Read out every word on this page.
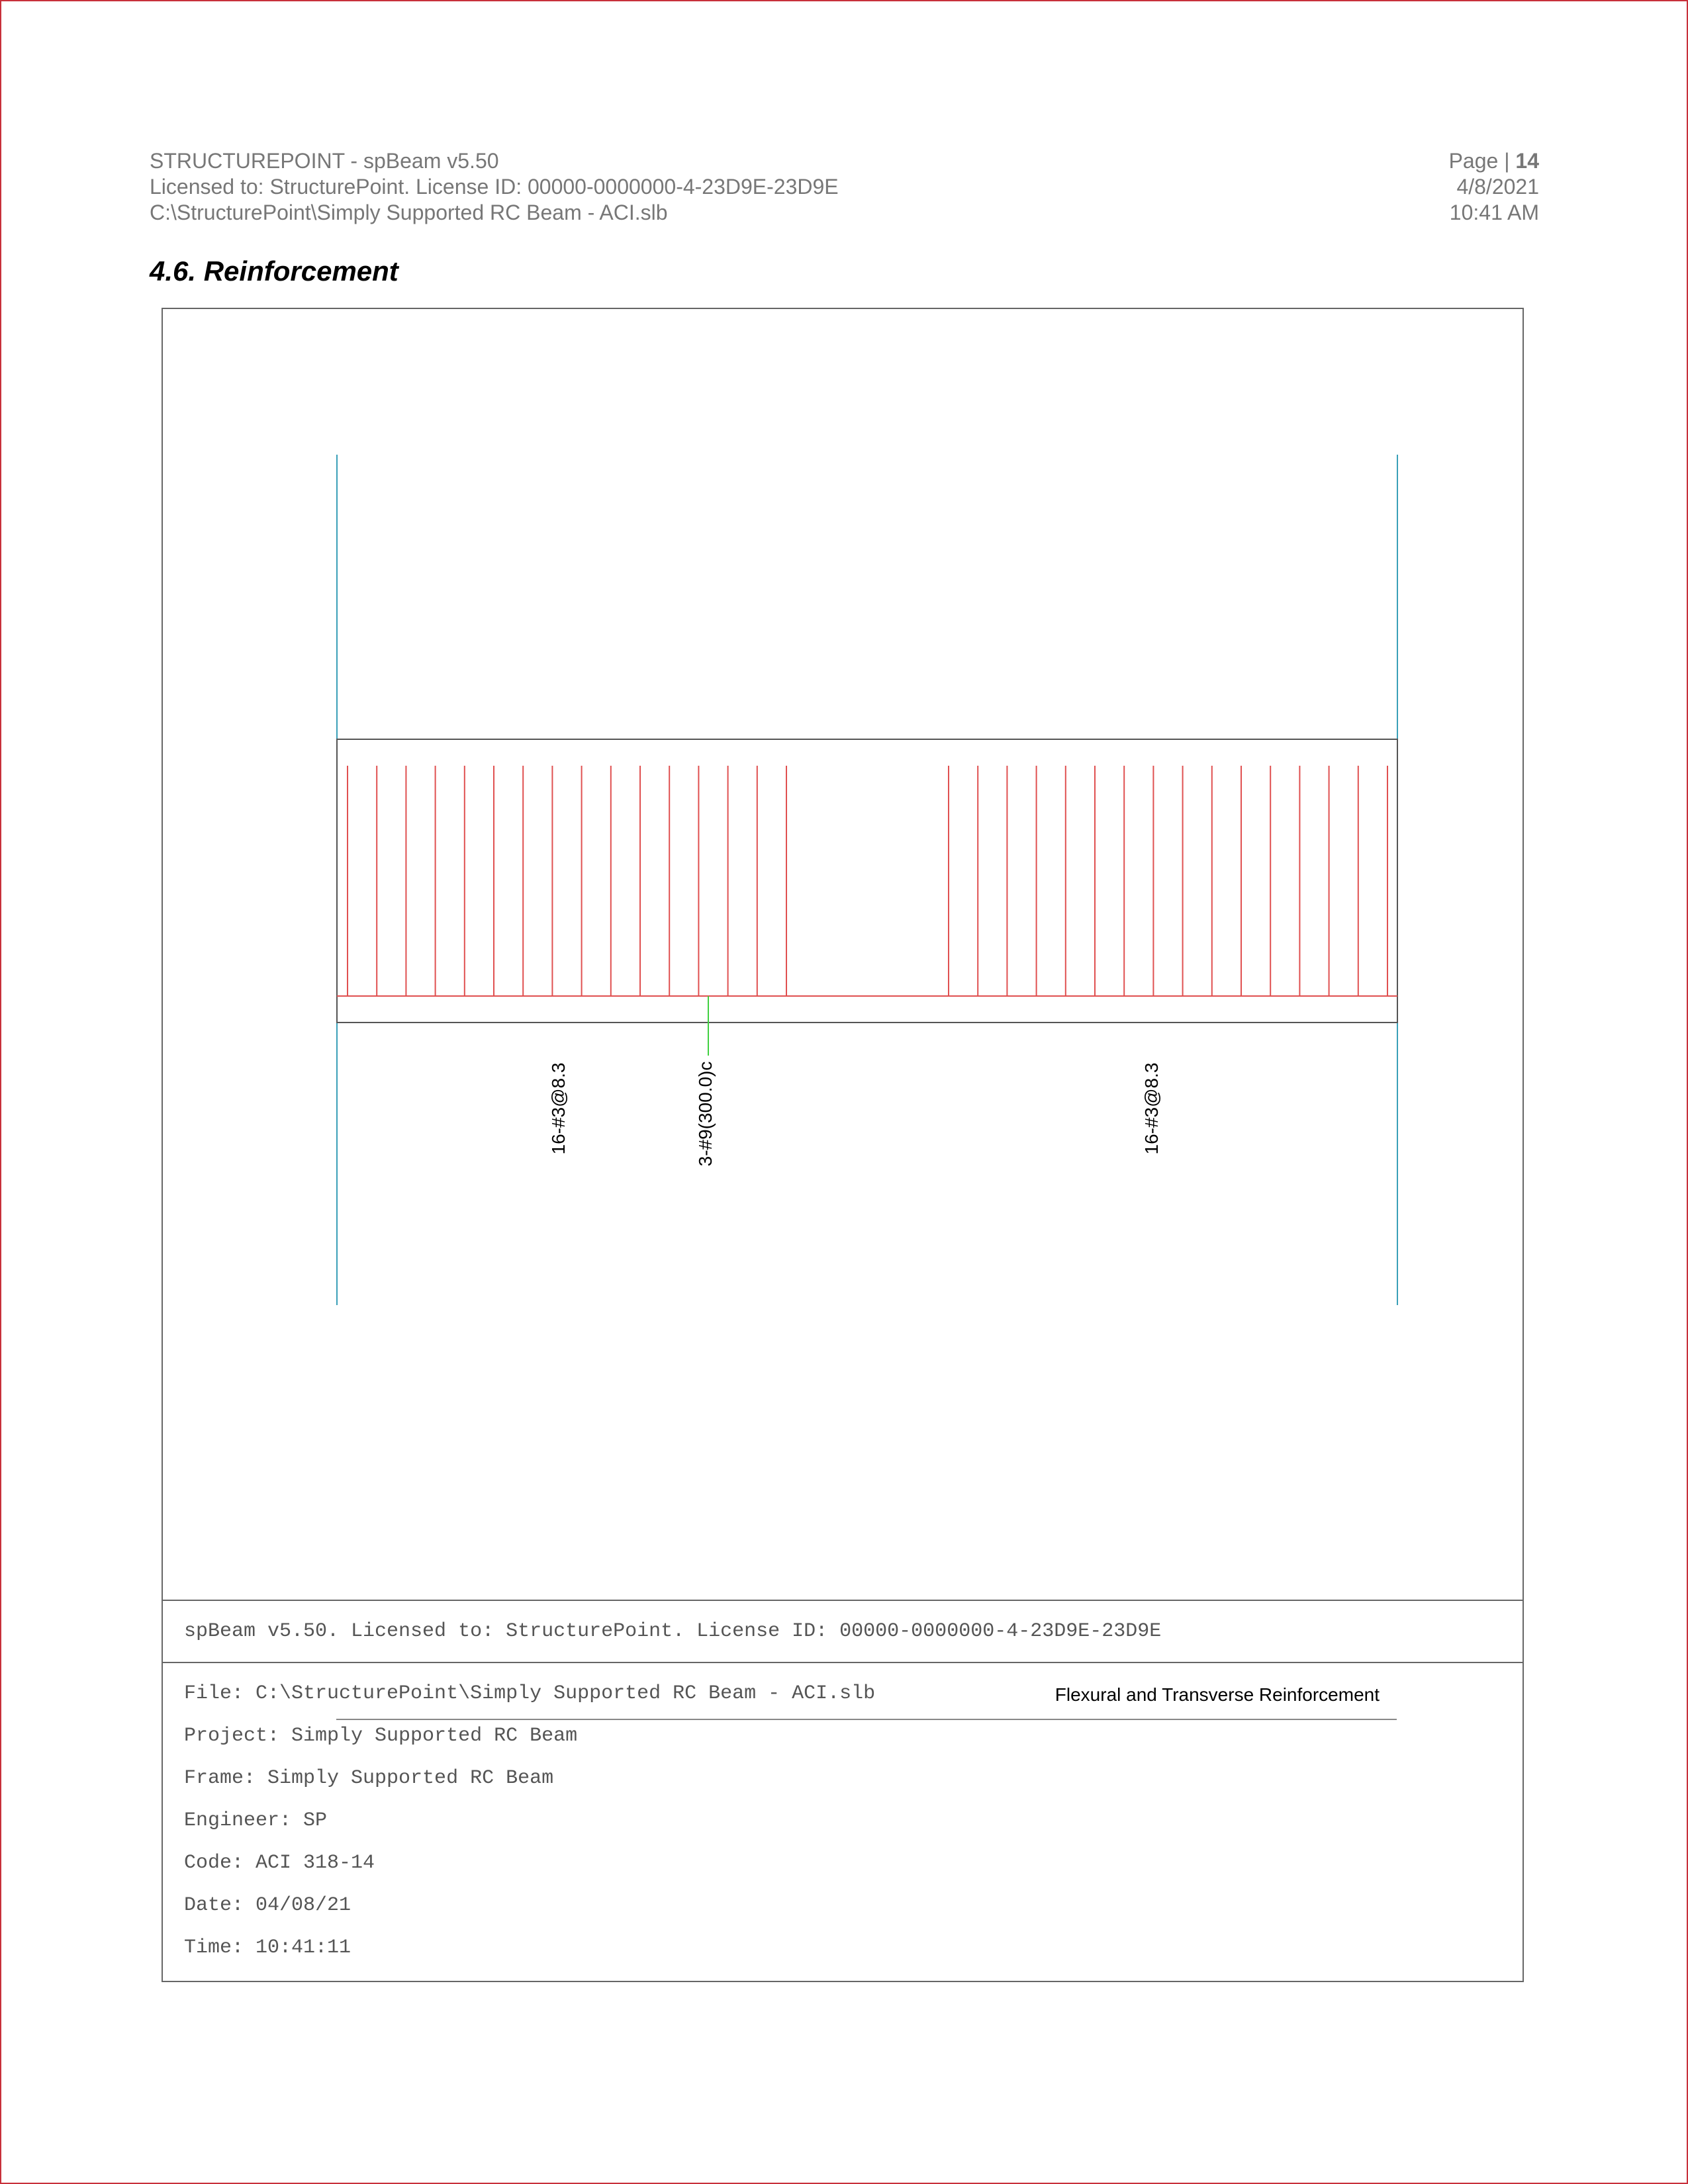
STRUCTUREPOINT - spBeam v5.50
Licensed to: StructurePoint. License ID: 00000-0000000-4-23D9E-23D9E
C:\StructurePoint\Simply Supported RC Beam - ACI.slb
Page | 14
4/8/2021
10:41 AM
4.6. Reinforcement
16-#3@8.3	3-#9(300.0)c	16-#3@8.3
Flexural and Transverse Reinforcement
spBeam v5.50. Licensed to: StructurePoint. License ID: 00000-0000000-4-23D9E-23D9E
File: C:\StructurePoint\Simply Supported RC Beam - ACI.slb
Project: Simply Supported RC Beam
Frame: Simply Supported RC Beam
Engineer: SP
Code: ACI 318-14
Date: 04/08/21
Time: 10:41:11
